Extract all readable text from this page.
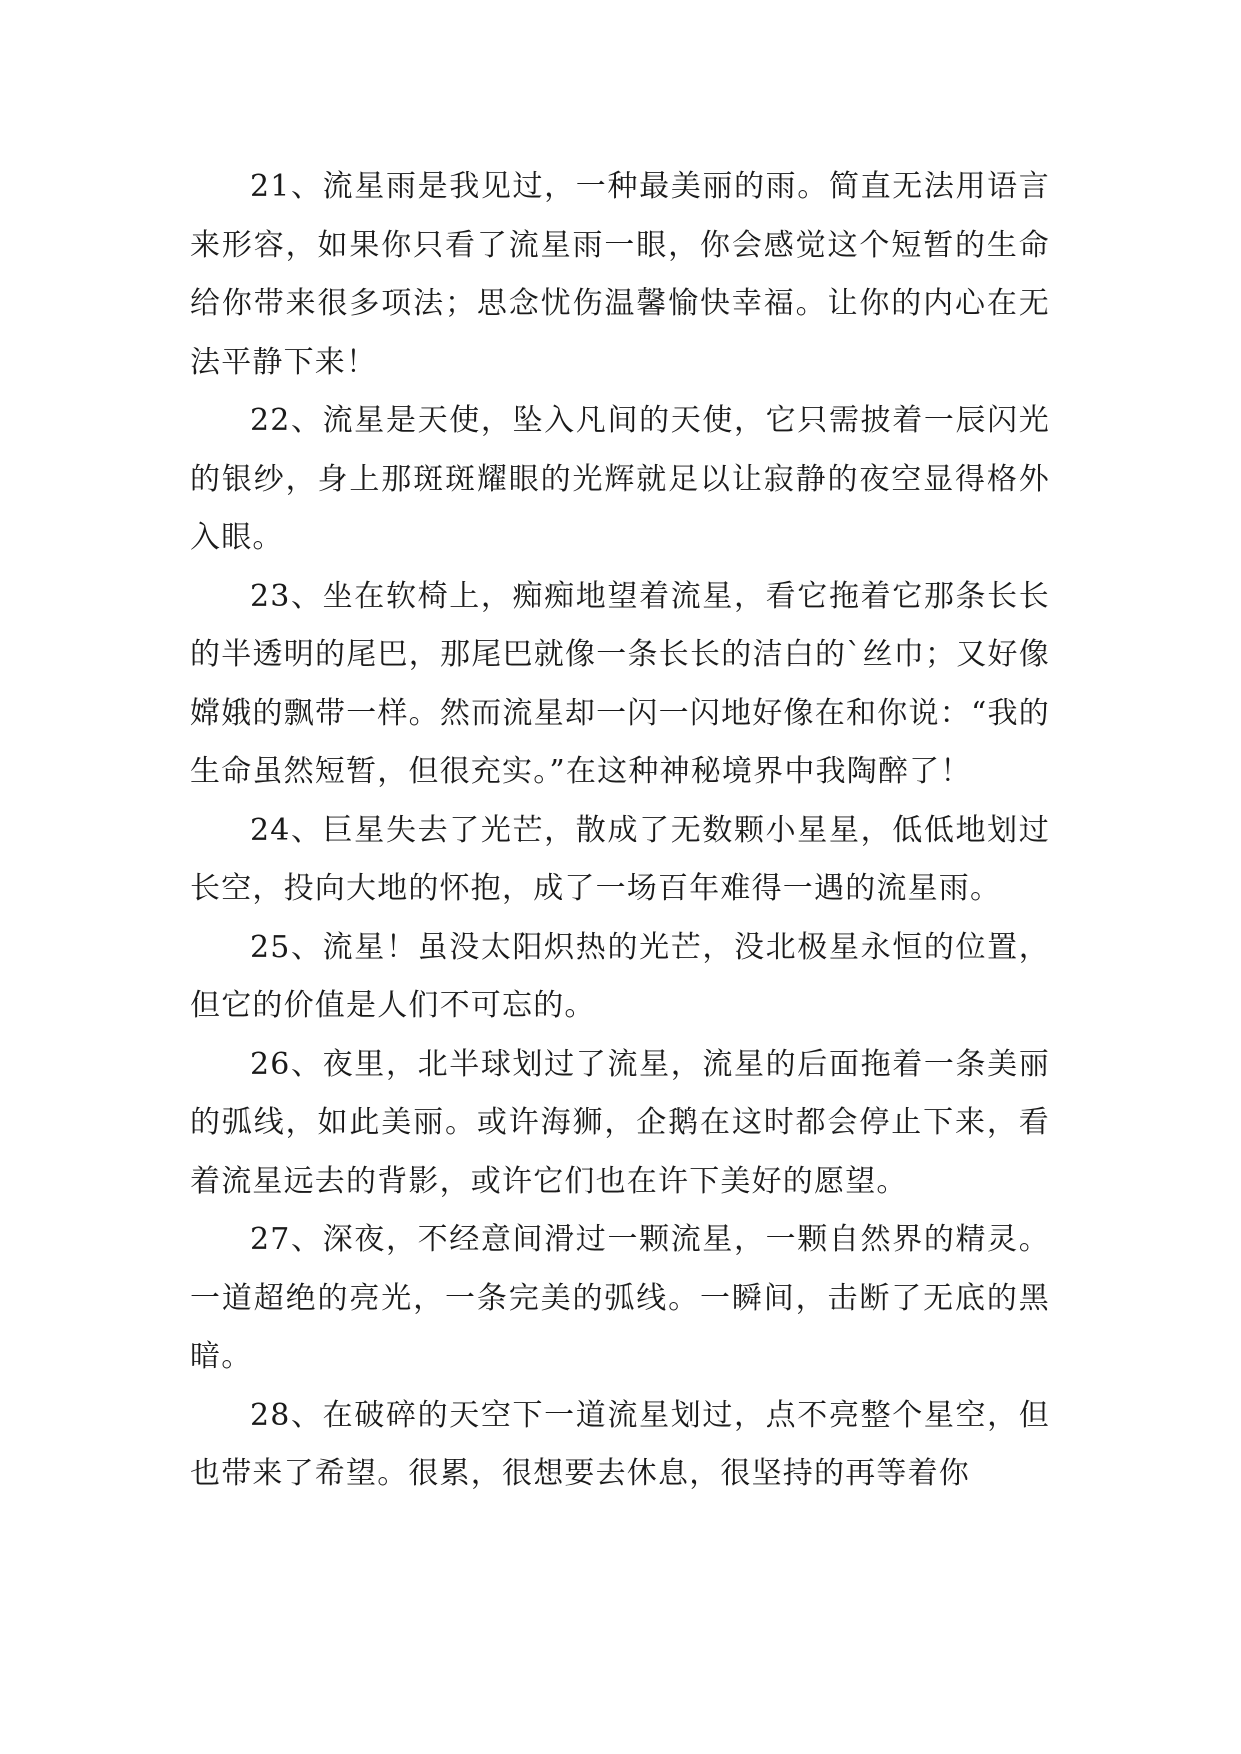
21、流星雨是我见过，一种最美丽的雨。简直无法用语言来形容，如果你只看了流星雨一眼，你会感觉这个短暂的生命给你带来很多项法；思念忧伤温馨愉快幸福。让你的内心在无法平静下来！

22、流星是天使，坠入凡间的天使，它只需披着一辰闪光的银纱，身上那斑斑耀眼的光辉就足以让寂静的夜空显得格外入眼。

23、坐在软椅上，痴痴地望着流星，看它拖着它那条长长的半透明的尾巴，那尾巴就像一条长长的洁白的`丝巾；又好像嫦娥的飘带一样。然而流星却一闪一闪地好像在和你说：“我的生命虽然短暂，但很充实。”在这种神秘境界中我陶醉了！

24、巨星失去了光芒，散成了无数颗小星星，低低地划过长空，投向大地的怀抱，成了一场百年难得一遇的流星雨。

25、流星！虽没太阳炽热的光芒，没北极星永恒的位置，但它的价值是人们不可忘的。

26、夜里，北半球划过了流星，流星的后面拖着一条美丽的弧线，如此美丽。或许海狮，企鹅在这时都会停止下来，看着流星远去的背影，或许它们也在许下美好的愿望。

27、深夜，不经意间滑过一颗流星，一颗自然界的精灵。一道超绝的亮光，一条完美的弧线。一瞬间，击断了无底的黑暗。

28、在破碎的天空下一道流星划过，点不亮整个星空，但也带来了希望。很累，很想要去休息，很坚持的再等着你
